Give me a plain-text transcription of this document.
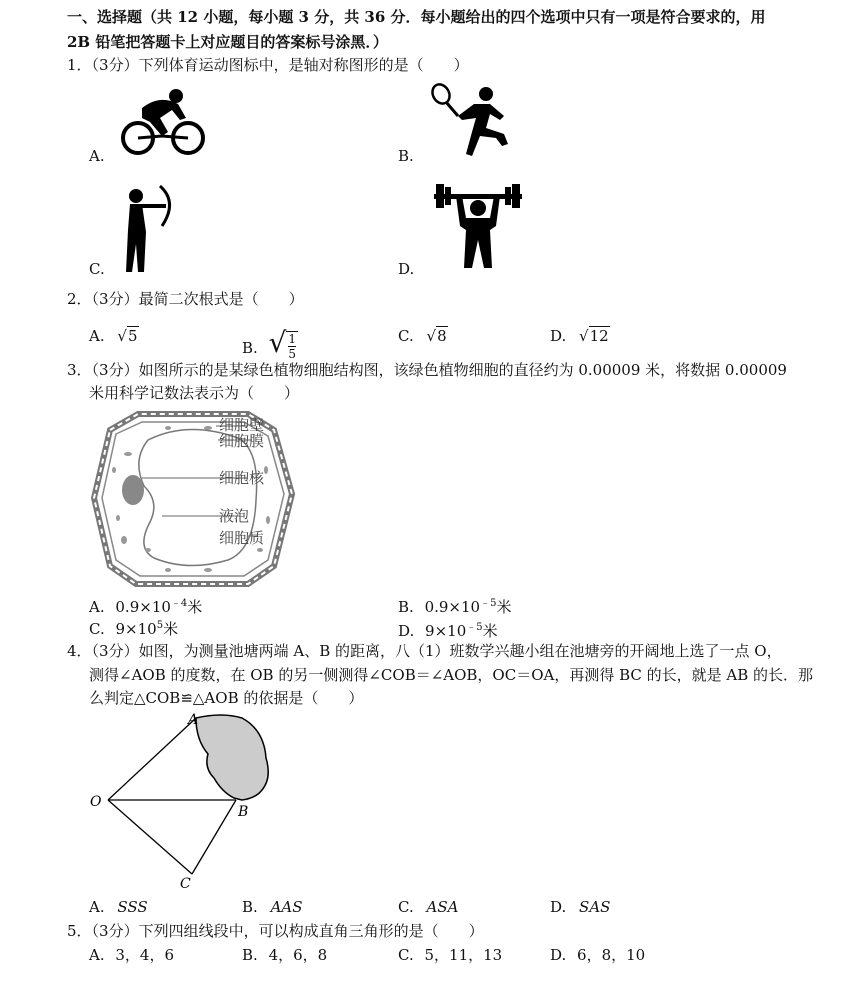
一、选择题（共 12 小题，每小题 3 分，共 36 分．每小题给出的四个选项中只有一项是符合要求的，用
2B 铅笔把答题卡上对应题目的答案标号涂黑．）
1．（3分）下列体育运动图标中，是轴对称图形的是（　　）
A.	B.
C.	D.
2．（3分）最简二次根式是（　　）
A. √5
B. √ $\frac{1}{5}$	C. √8	D. √12
3．（3分）如图所示的是某绿色植物细胞结构图，该绿色植物细胞的直径约为 0.00009 米，将数据 0.00009
米用科学记数法表示为（　　）
细胞壁
细胞膜
细胞核
液泡
细胞质
A. $0.9\times 10^{﹣4}$米	B. $0.9\times 10^{﹣5}$米
C. $9\times 10^5$米	D. $9\times 10^{﹣5}$米
4．（3分）如图，为测量池塘两端 A、B 的距离，八（1）班数学兴趣小组在池塘旁的开阔地上选了一点 O，
测得∠AOB 的度数，在 OB 的另一侧测得∠COB＝∠AOB，OC＝OA，再测得 BC 的长，就是 AB 的长．那
么判定△COB≌△AOB 的依据是（　　）
A
B
O
C
A. SSS	B. AAS	C. ASA	D. SAS
5．（3分）下列四组线段中，可以构成直角三角形的是（　　）
A. 3，4，6	B. 4，6，8	C. 5，11，13	D. 6，8，10
